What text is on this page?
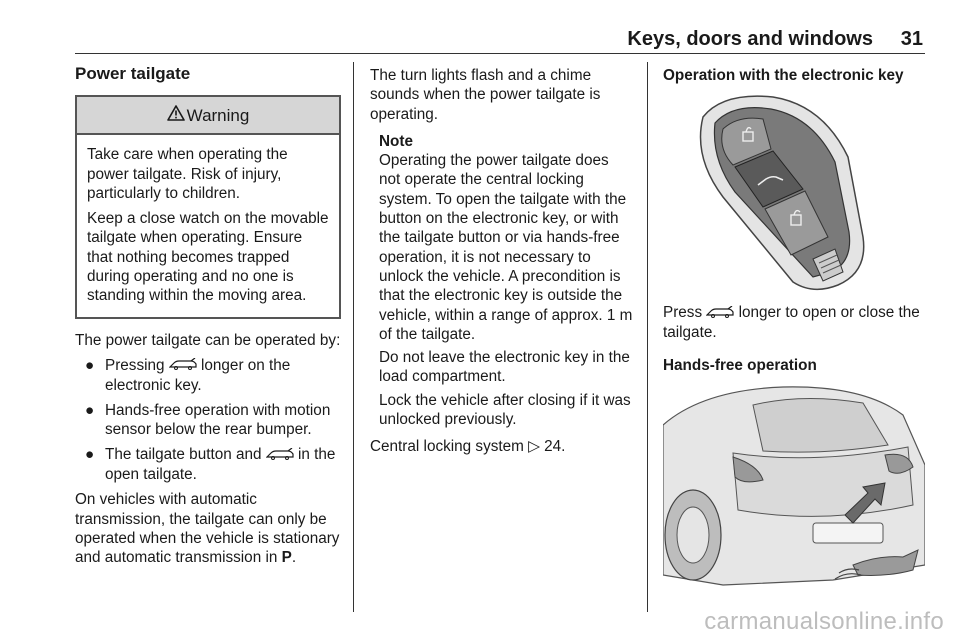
Keys, doors and windows 31

Power tailgate

Warning

Take care when operating the power tailgate. Risk of injury, particularly to children.

Keep a close watch on the movable tailgate when operating. Ensure that nothing becomes trapped during operating and no one is standing within the moving area.

The power tailgate can be operated by:

● Pressing longer on the electronic key.
● Hands-free operation with motion sensor below the rear bumper.
● The tailgate button and in the open tailgate.

On vehicles with automatic transmission, the tailgate can only be operated when the vehicle is stationary and automatic transmission in P.

The turn lights flash and a chime sounds when the power tailgate is operating.

Note

Operating the power tailgate does not operate the central locking system. To open the tailgate with the button on the electronic key, or with the tailgate button or via hands-free operation, it is not necessary to unlock the vehicle. A precondition is that the electronic key is outside the vehicle, within a range of approx. 1 m of the tailgate.

Do not leave the electronic key in the load compartment.

Lock the vehicle after closing if it was unlocked previously.

Central locking system ▷ 24.

Operation with the electronic key

Press longer to open or close the tailgate.

Hands-free operation

carmanualsonline.info
